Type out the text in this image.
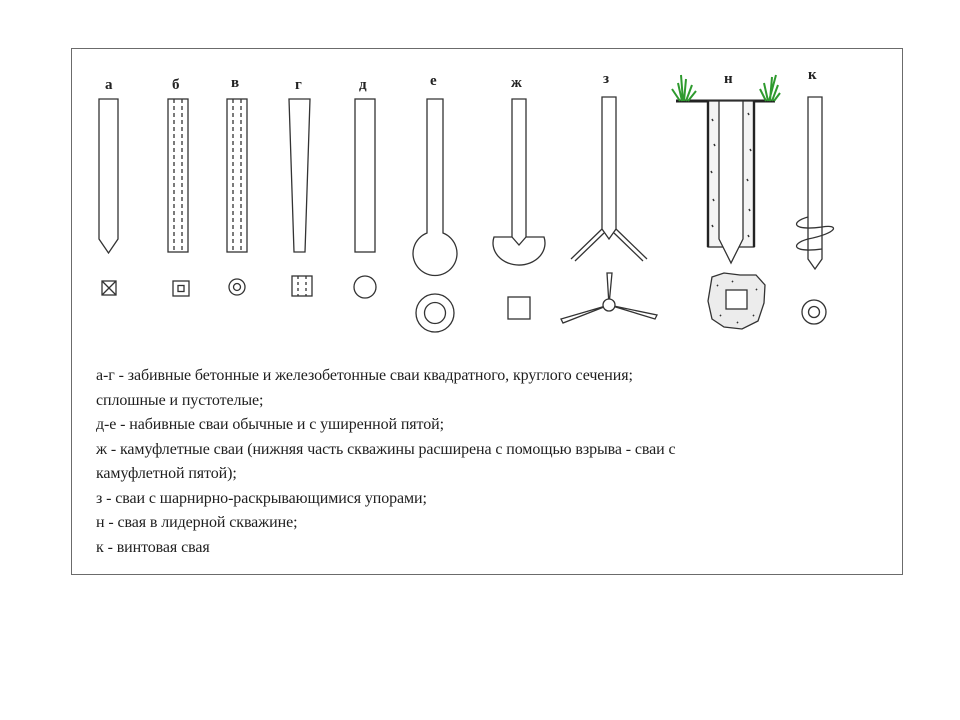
а	б	в	г	д	е	ж	з	н	к
а-г - забивные бетонные и железобетонные сваи квадратного, круглого сечения;
сплошные и пустотелые;
д-е - набивные сваи обычные и с уширенной пятой;
ж - камуфлетные сваи (нижняя часть скважины расширена с помощью взрыва - сваи с
камуфлетной пятой);
з - сваи с шарнирно-раскрывающимися упорами;
н - свая в лидерной скважине;
к - винтовая свая
